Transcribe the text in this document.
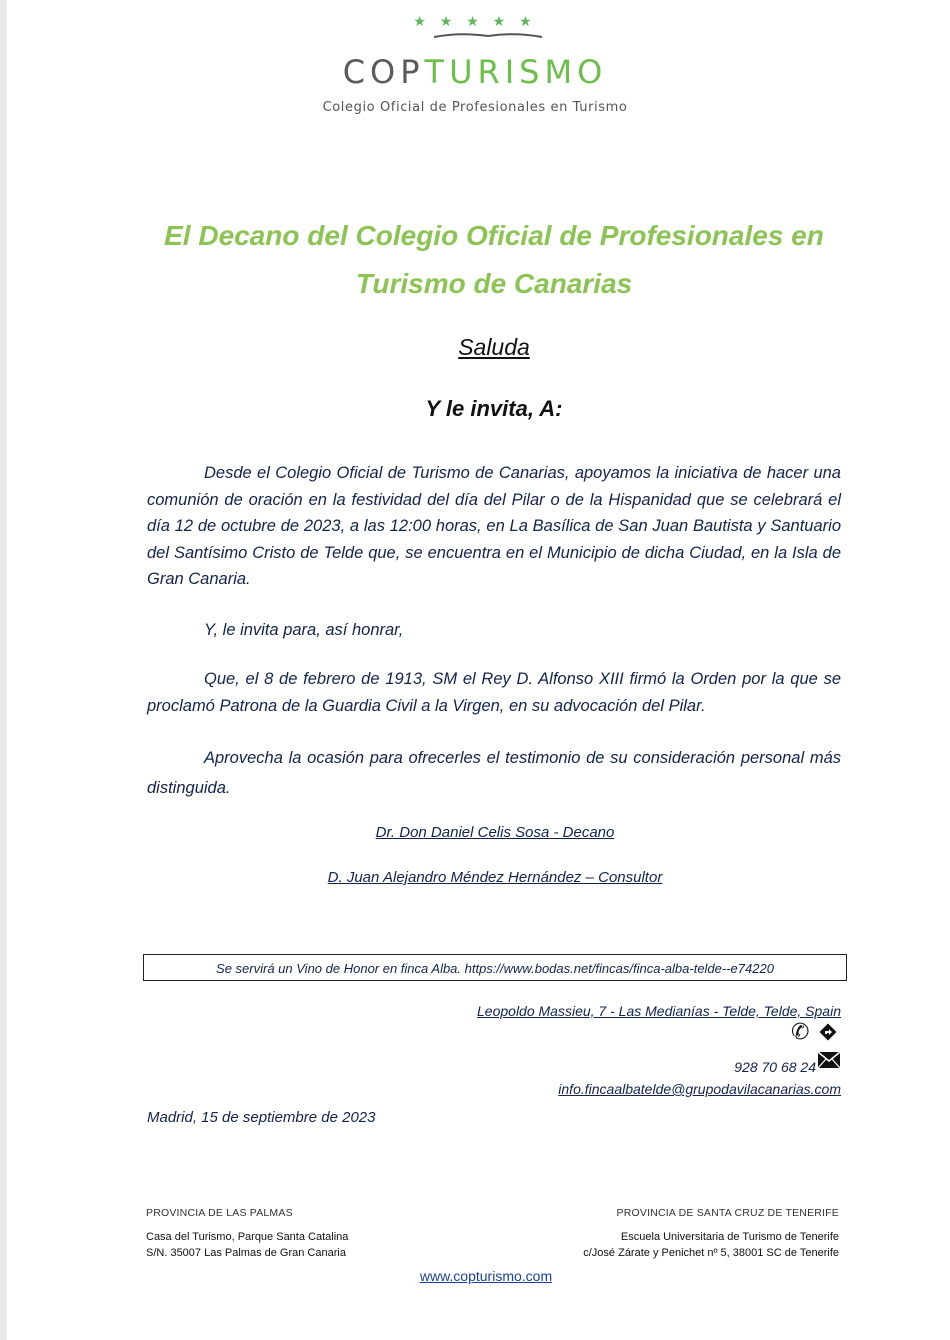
★ ★ ★ ★ ★
COPTURISMO
Colegio Oficial de Profesionales en Turismo
El Decano del Colegio Oficial de Profesionales en
Turismo de Canarias
Saluda
Y le invita, A:
Desde el Colegio Oficial de Turismo de Canarias, apoyamos la iniciativa de hacer una comunión de oración en la festividad del día del Pilar o de la Hispanidad que se celebrará el día 12 de octubre de 2023, a las 12:00 horas, en La Basílica de San Juan Bautista y Santuario del Santísimo Cristo de Telde que, se encuentra en el Municipio de dicha Ciudad, en la Isla de Gran Canaria.
Y, le invita para, así honrar,
Que, el 8 de febrero de 1913, SM el Rey D. Alfonso XIII firmó la Orden por la que se proclamó Patrona de la Guardia Civil a la Virgen, en su advocación del Pilar.
Aprovecha la ocasión para ofrecerles el testimonio de su consideración personal más distinguida.
Dr. Don Daniel Celis Sosa - Decano
D. Juan Alejandro Méndez Hernández – Consultor
Se servirá un Vino de Honor en finca Alba. https://www.bodas.net/fincas/finca-alba-telde--e74220
Leopoldo Massieu, 7 - Las Medianías - Telde, Telde, Spain
✆
928 70 68 24
info.fincaalbatelde@grupodavilacanarias.com
Madrid, 15 de septiembre de 2023
PROVINCIA DE LAS PALMAS	PROVINCIA DE SANTA CRUZ DE TENERIFE
Casa del Turismo, Parque Santa Catalina
S/N. 35007 Las Palmas de Gran Canaria
Escuela Universitaria de Turismo de Tenerife
c/José Zárate y Penichet nº 5, 38001 SC de Tenerife
www.copturismo.com
